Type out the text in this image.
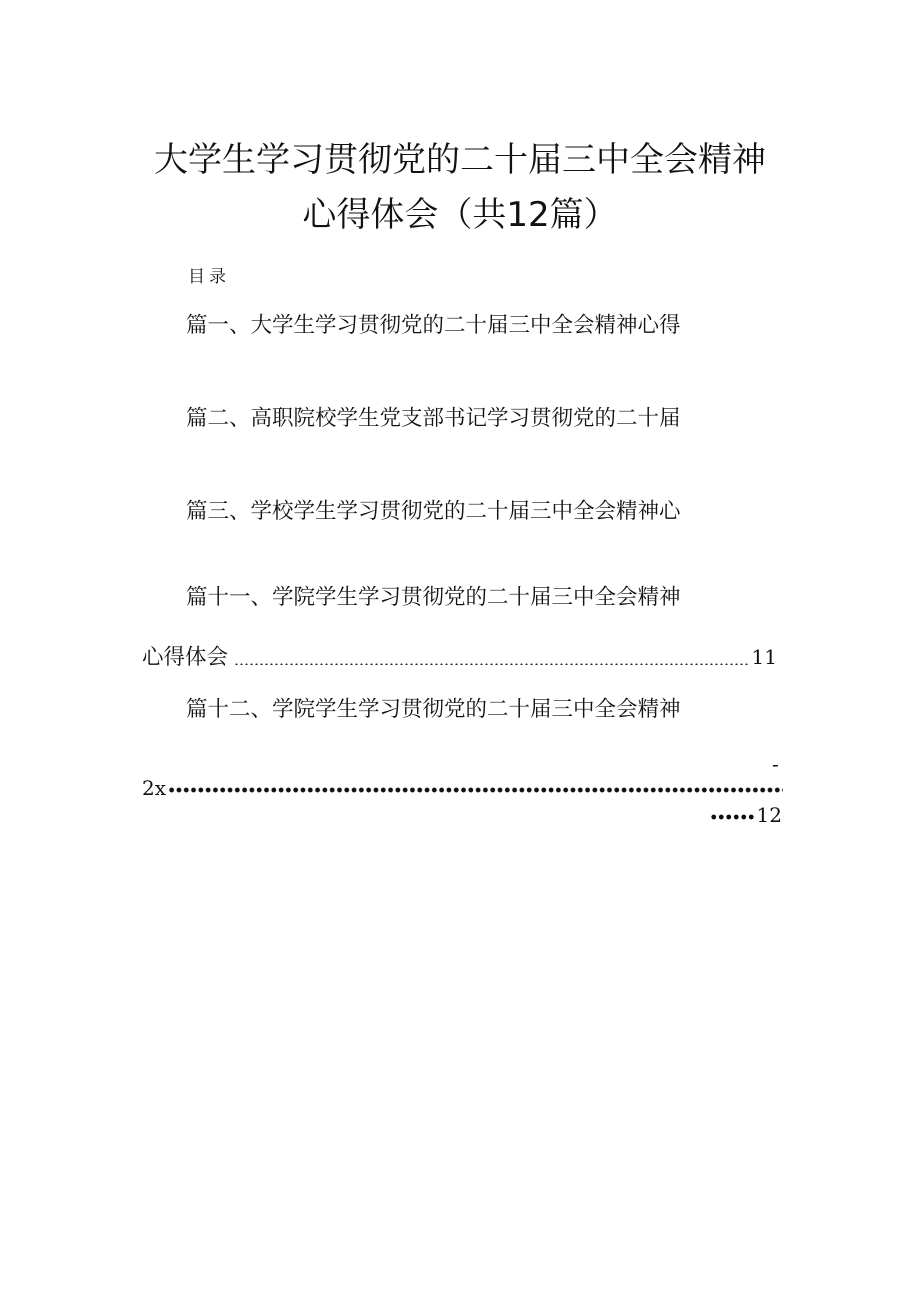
大学生学习贯彻党的二十届三中全会精神
心得体会（共12篇）
目录

篇一、大学生学习贯彻党的二十届三中全会精神心得

篇二、高职院校学生党支部书记学习贯彻党的二十届

篇三、学校学生学习贯彻党的二十届三中全会精神心

篇十一、学院学生学习贯彻党的二十届三中全会精神

心得体会	11

篇十二、学院学生学习贯彻党的二十届三中全会精神

-
2x
12
